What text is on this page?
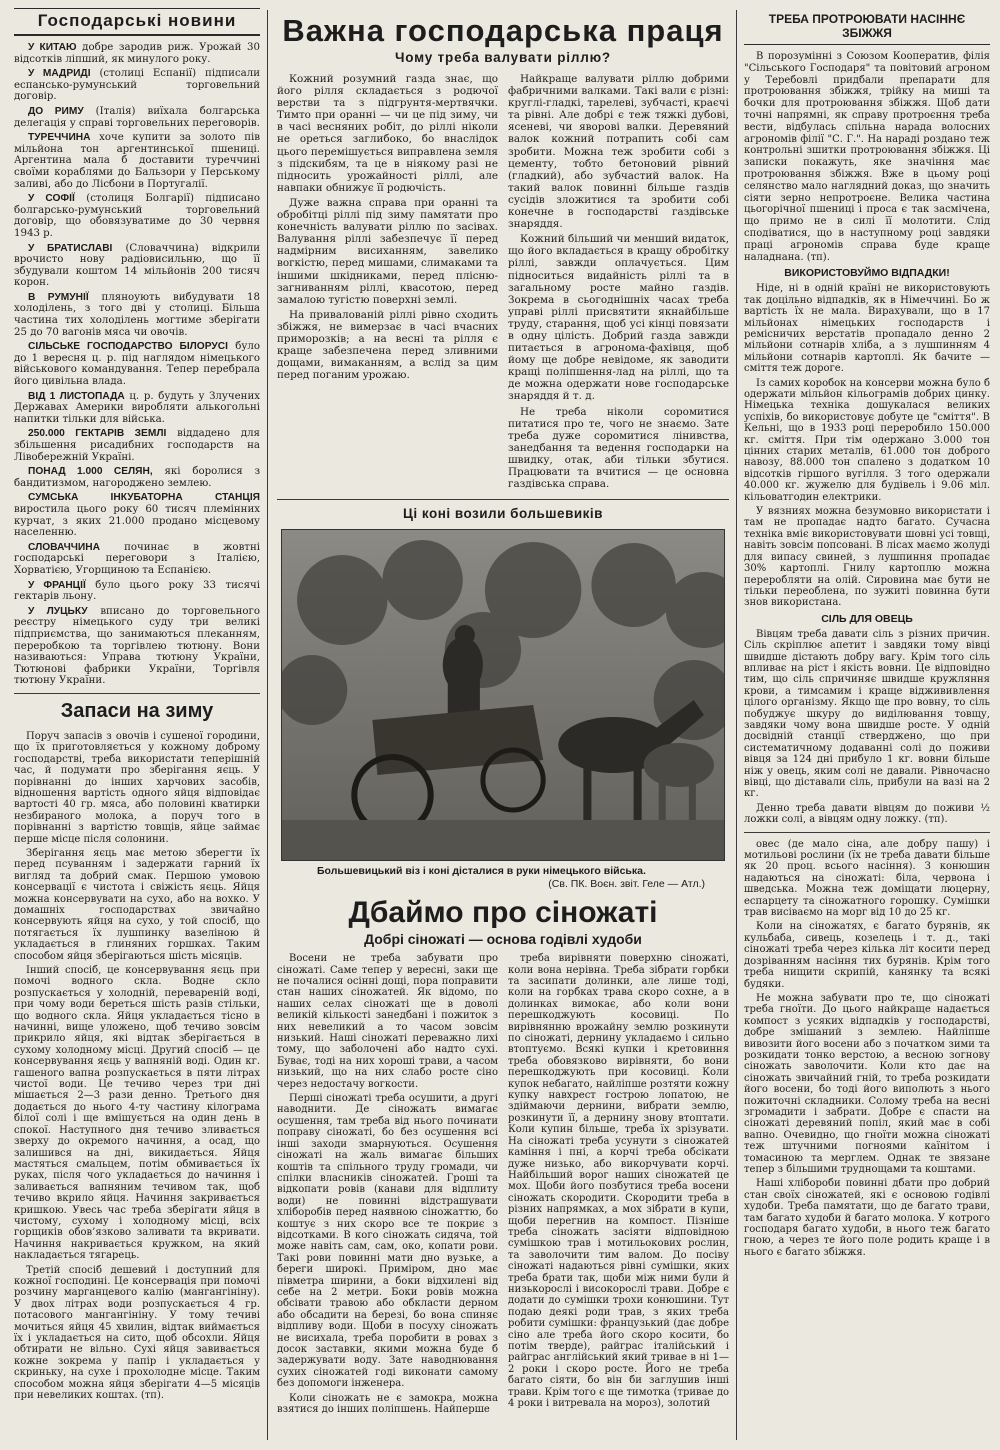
Господарські новини
У КИТАЮ добре зародив риж. Урожай 30 відсотків ліпший, як минулого року.
У МАДРИДІ (столиці Еспанії) підписали еспансько-румунський торговельний договір.
ДО РИМУ (Італія) виїхала болгарська делегація у справі торговельних переговорів.
ТУРЕЧЧИНА хоче купити за золото пів мільйона тон аргентинської пшениці. Аргентина мала б доставити туреччині своїми кораблями до Бальзори у Перському заливі, або до Лісбони в Португалії.
У СОФІЇ (столиця Болгарії) підписано болгарсько-румунський торговельний договір, що обовязуватиме до 30 червня 1943 р.
У БРАТИСЛАВІ (Словаччина) відкрили врочисто нову радіовисильню, що її збудували коштом 14 мільйонів 200 тисяч корон.
В РУМУНІЇ пляноують вибудувати 18 холоділень, з того дві у столиці. Більша частина тих холоділень могтиме зберігати 25 до 70 вагонів мяса чи овочів.
СІЛЬСЬКЕ ГОСПОДАРСТВО БІЛОРУСІ було до 1 вересня ц. р. під наглядом німецького військового командування. Тепер перебрала його цивільна влада.
ВІД 1 ЛИСТОПАДА ц. р. будуть у Злучених Державах Америки виробляти алькогольні напитки тільки для війська.
250.000 ГЕКТАРІВ ЗЕМЛІ віддадено для збільшення рисадибних господарств на Лівобережній Україні.
ПОНАД 1.000 СЕЛЯН, які боролися з бандитизмом, нагороджено землею.
СУМСЬКА ІНКУБАТОРНА СТАНЦІЯ виростила цього року 60 тисяч племінних курчат, з яких 21.000 продано місцевому населенню.
СЛОВАЧЧИНА починає в жовтні господарські переговори з Італією, Хорватією, Угорщиною та Еспанією.
У ФРАНЦІЇ було цього року 33 тисячі гектарів льону.
У ЛУЦЬКУ вписано до торговельного реєстру німецького суду три великі підприємства, що занимаються плеканням, переробкою та торгівлею тютюну. Вони називаються: Управа тютюну України, Тютюнові фабрики України, Торгівля тютюну України.
Запаси на зиму

Поруч запасів з овочів і сушеної городини, що їх приготовляється у кожному доброму господарстві, треба використати теперішній час, й подумати про зберігання яєць. У порівнанні до інших харчових засобів, відношення вартість одного яйця відповідає вартості 40 гр. мяса, або половині кватирки незбираного молока, а поруч того в порівнанні з вартістю товщів, яйце займає перше місце після солонини.

Зберігання яєць має метою зберегти їх перед псуванням і задержати гарний їх вигляд та добрий смак. Першою умовою консервації є чистота і свіжість яєць. Яйця можна консервувати на сухо, або на вохко. У домашніх господарствах звичайно консервують яйця на сухо, у той спосіб, що потягається їх лушпинку вазеліною й укладається в глиняних горшках. Таким способом яйця зберігаються шість місяців.

Інший спосіб, це консервування яєць при помочі водного скла. Водне скло розпускається у холодній, перевареній воді, при чому води береться шість разів стільки, що водного скла. Яйця укладається тісно в начинні, вище уложено, щоб течиво зовсім прикрило яйця, які відтак зберігається в сухому холодному місці. Другий спосіб — це консервування яєць у вапняній воді. Один кг. гашеного вапна розпускається в пяти літрах чистої води. Це течиво через три дні мішається 2—3 рази денно. Третього дня додається до нього 4-ту частину кілограма білої солі і ще вмішується на один день в спокої. Наступного дня течиво зливається зверху до окремого начиння, а осад, що залишився на дні, викидається. Яйця мастяться смальцем, потім обмивається їх руках, після чого укладається до начиння і заливається вапняним течивом так, щоб течиво вкрило яйця. Начиння закривається кришкою. Увесь час треба зберігати яйця в чистому, сухому і холодному місці, всіх горщиків обов’язково заливати та вкривати. Начиння накривається кружком, на який накладається тягарець.

Третій спосіб дешевий і доступний для кожної господині. Це консервація при помочі розчину марганцевого калію (мангангініну). У двох літрах води розпускається 4 гр. потасового мангангініну. У тому течиві мочиться яйця 45 хвилин, відтак виймається їх і укладається на сито, щоб обсохли. Яйця обтирати не вільно. Сухі яйця завивається кожне зокрема у папір і укладається у скриньку, на сухе і прохолодне місце. Таким способом можна яйця зберігати 4—5 місяців при невеликих коштах. (тп).

Важна господарська праця
Чому треба валувати ріллю?

Кожний розумний газда знає, що його рілля складається з родючої верстви та з підгрунтя-мертвячки. Тимто при оранні — чи це під зиму, чи в часі весняних робіт, до ріллі ніколи не ореться заглибоко, бо внаслідок цього перемішується виправлена земля з підскибям, та це в ніякому разі не підносить урожайності ріллі, але навпаки обнижує її родючість.

Дуже важна справа при оранні та обробітці ріллі під зиму памятати про конечність валувати ріллю по засівах. Валування ріллі забезпечує її перед надмірним висиханням, завелико вогкістю, перед мишами, слимаками та іншими шкідниками, перед плісню-загниванням ріллі, квасотою, перед замалою тугістю поверхні землі.

На привалованій ріллі рівно сходить збіжжя, не вимерзає в часі вчасних приморозків; а на весні та рілля є краще забезпечена перед зливними дощами, вимаканням, а вслід за цим перед поганим урожаю.

Найкраще валувати ріллю добрими фабричними валками. Такі вали є різні: круглі-гладкі, тарелеві, зубчасті, краєчі та рівні. Але добрі є теж тяжкі дубові, ясеневі, чи яворові валки. Деревяний валок кожний потрапить собі сам зробити. Можна теж зробити собі з цементу, тобто бетоновий рівний (гладкий), або зубчастий валок. На такий валок повинні більше газдів сусідів зложитися та зробити собі конечне в господарстві газдівське знаряддя.

Кожний більший чи менший видаток, що його вкладається в кращу обробітку ріллі, завжди оплачується. Цим підноситься видайність ріллі та в загальному росте майно газдів. Зокрема в сьогоднішніх часах треба управі ріллі присвятити якнайбільше труду, старання, щоб усі кінці повязати в одну цілість. Добрий газда завжди питається в агронома-фахівця, щоб йому ще добре невідоме, як заводити кращі поліпшення-лад на ріллі, що та де можна одержати нове господарське знаряддя й т. д.

Не треба ніколи соромитися питатися про те, чого не знаємо. Зате треба дуже соромитися лінивства, занедбання та ведення господарки на швидку, отак, аби тільки збутися. Працювати та вчитися — це основна газдівська справа.

Ці коні возили большевиків
Большевицький віз і коні дісталися в руки німецького війська.
(Св. ПК. Воєн. звіт. Геле — Атл.)
Дбаймо про сіножаті
Добрі сіножаті — основа годівлі худоби

Восени не треба забувати про сіножаті. Саме тепер у вересні, заки ще не почалися осінні дощі, пора поправити стан наших сіножатей. Як відомо, по наших селах сіножаті ще в доволі великій кількості занедбані і пожиток з них невеликий а то часом зовсім низький. Наші сіножаті переважно лихі тому, що заболочені або надто сухі. Буває, тоді на них хороші трави, а часом низький, що на них слабо росте сіно через недостачу вогкости.

Перші сіножаті треба осушити, а другі наводнити. Де сіножать вимагає осушення, там треба від нього починати поправу сіножаті, бо без осушення всі інші заходи змарнуються. Осушення сіножаті на жаль вимагає більших коштів та спільного труду громади, чи спілки власників сіножатей. Гроші та відкопати ровів (канави для відплиту води) не повинні відстрашувати хліборобів перед наявною сіножаттю, бо коштує з них скоро все те покриє з відсотками. В кого сіножать сидяча, той може навіть сам, сам, око, копати рови. Такі рови повинні мати дно вузьке, а береги широкі. Приміром, дно має півметра ширини, а боки відхилені від себе на 2 метри. Боки ровів можна обсівати травою або обкласти дерном або обсадити на березі, бо вона спиняє відпливу води. Щоби в посуху сіножать не висихала, треба поробити в ровах з досок заставки, якими можна буде б задержувати воду. Зате наводнювання сухих сіножатей годі виконати самому без допомоги інженера.

Коли сіножать не є замокра, можна взятися до інших поліпшень. Найперше

треба вирівняти поверхню сіножаті, коли вона нерівна. Треба зібрати горбки та засипати долинки, але лише тоді, коли на горбках трава скоро сохне, а в долинках вимокає, або коли вони перешкоджують косовиці. По вирівнянню врожайну землю розкинути по сіножаті, дернину укладаємо і сильно втоптуємо. Всякі купки і кретовиння треба обовязково вирівняти, бо вони перешкоджують при косовиці. Коли купок небагато, найліпше розтяти кожну купку навхрест гострою лопатою, не здіймаючи дернини, вибрати землю, розкинути її, а дернину знову втоптати. Коли купин більше, треба їх зрізувати. На сіножаті треба усунути з сіножатей каміння і пні, а корчі треба обсікати дуже низько, або викорчувати корчі. Найбільший ворог наших сіножатей це мох. Щоби його позбутися треба восени сіножать скородити. Скородити треба в різних напрямках, а мох зібрати в купи, щоби перегнив на компост. Пізніше треба сіножать засіяти відповідною сумішкою трав і мотильокових рослин, та заволочити тим валом. До посіву сіножаті надаються рівні сумішки, яких треба брати так, щоби між ними були й низькорослі і високорослі трави. Добре є додати до сумішки трохи конюшини. Тут подаю деякі роди трав, з яких треба робити сумішки: французький (дає добре сіно але треба його скоро косити, бо потім тверде), райграс італійський і райграс англійський який тривае в ні 1—2 роки і скоро росте. Його не треба багато сіяти, бо він би заглушив інші трави. Крім того є ще тимотка (тривае до 4 роки і витревала на мороз), золотий

ТРЕБА ПРОТРОЮВАТИ НАСІННЄ ЗБІЖЖЯ

В порозумінні з Союзом Кооператив, філія "Сільського Господаря" та повітовий агроном у Теребовлі придбали препарати для протроювання збіжжя, трійку на миші та бочки для протроювання збіжжя. Щоб дати точні напрямні, як справу протроєння треба вести, відбулась спільна нарада волосних агрономів філії "С. Г.". На нараді роздано теж контрольні зшитки протроювання збіжжя. Ці записки покажуть, яке значіння має протроювання збіжжя. Вже в цьому році селянство мало наглядний доказ, що значить сіяти зерно непротроєне. Велика частина цьогорічної пшениці і проса є так засмічена, що примо не в силі її молотити. Слід сподіватися, що в наступному році завдяки праці агрономів справа буде краще наладнана. (тп).

ВИКОРИСТОВУЙМО ВІДПАДКИ!

Ніде, ні в одній країні не використовують так доцільно відпадків, як в Німеччині. Бо ж вартість їх не мала. Вирахували, що в 17 мільйонах німецьких господарств і ремісничих верстатів пропадало денно 2 мільйони сотнарів хліба, а з лушпинням 4 мільйони сотнарів картоплі. Як бачите — сміття теж дороге.

Із самих коробок на консерви можна було б одержати мільйон кільограмів добрих цинку. Німецька техніка дошукалася великих успіхів, бо використовує добуте це "сміття". В Кельні, що в 1933 році переробило 150.000 кг. сміття. При тім одержано 3.000 тон цінних старих металів, 61.000 тон доброго навозу, 88.000 тон спалено з додатком 10 відсотків гіршого вугілля. З того одержали 40.000 кг. жужелю для будівель і 9.06 міл. кільоватгодин електрики.

У вязниях можна безумовно використати і там не пропадає надто багато. Сучасна техніка вміє використовувати шовні усі товщі, навіть зовсім попсовані. В лісах маємо жолуді для випасу свиней, з лушпиння пропадає 30% картоплі. Гнилу картоплю можна переробляти на олій. Сировина має бути не тільки переоблена, по зужиті повинна бути знов використана.

СІЛЬ ДЛЯ ОВЕЦЬ

Вівцям треба давати сіль з різних причин. Сіль скріплює апетит і завдяки тому вівці швидше дістають добру вагу. Крім того сіль впливає на ріст і якість вовни. Це відповідно тим, що сіль спричиняє швидше кружляння крови, а тимсамим і краще віджививлення цілого організму. Якщо ще про вовну, то сіль побуджує шкуру до виділювання товщу, завдяки чому вона швидше росте. У одній досвідній станції стверджено, що при систематичному додаванні солі до поживи вівця за 124 дні прибуло 1 кг. вовни більше ніж у овець, яким солі не давали. Рівночасно вівці, що діставали сіль, прибули на вазі на 2 кг.

Денно треба давати вівцям до поживи ½ ложки солі, а вівцям одну ложку. (тп).

овес (де мало сіна, але добру пашу) і мотильові рослини (їх не треба давати більше як 20 проц. всього насіння). З конюшин надаються на сіножаті: біла, червона і шведська. Можна теж доміщати люцерну, еспарцету та сіножатного горошку. Сумішки трав висіваємо на морг від 10 до 25 кг.

Коли на сіножатях, є багато бурянів, як кульбаба, сивець, козелець і т. д., такі сіножаті треба через кілька літ косити перед дозріванням насіння тих бурянів. Крім того треба нищити скрипій, канянку та всякі будяки.

Не можна забувати про те, що сіножаті треба гноїти. До цього найкраще надається компост з усяких відпадків у господарстві, добре змішаний з землею. Найліпше вивозити його восени або з початком зими та розкидати тонко верстою, а весною зогнову сіножать заволочити. Коли кто дає на сіножать звичайний гній, то треба розкидати його восени, бо тоді його виполють з нього пожиточні складники. Солому треба на весні згромадити і забрати. Добре є спасти на сіножаті деревяний попіл, який має в собі вапно. Очевидно, що гноїти можна сіножаті теж штучними погноями каїнітом і томасиною та мерглем. Однак те звязане тепер з більшими труднощами та коштами.

Наші хлібороби повинні дбати про добрий стан своїх сіножатей, які є основою годівлі худоби. Треба памятати, що де багато трави, там багато худоби й багато молока. У котрого господаря багато худоби, в нього теж багато гною, а через те його поле родить краще і в нього є багато збіжжя.
